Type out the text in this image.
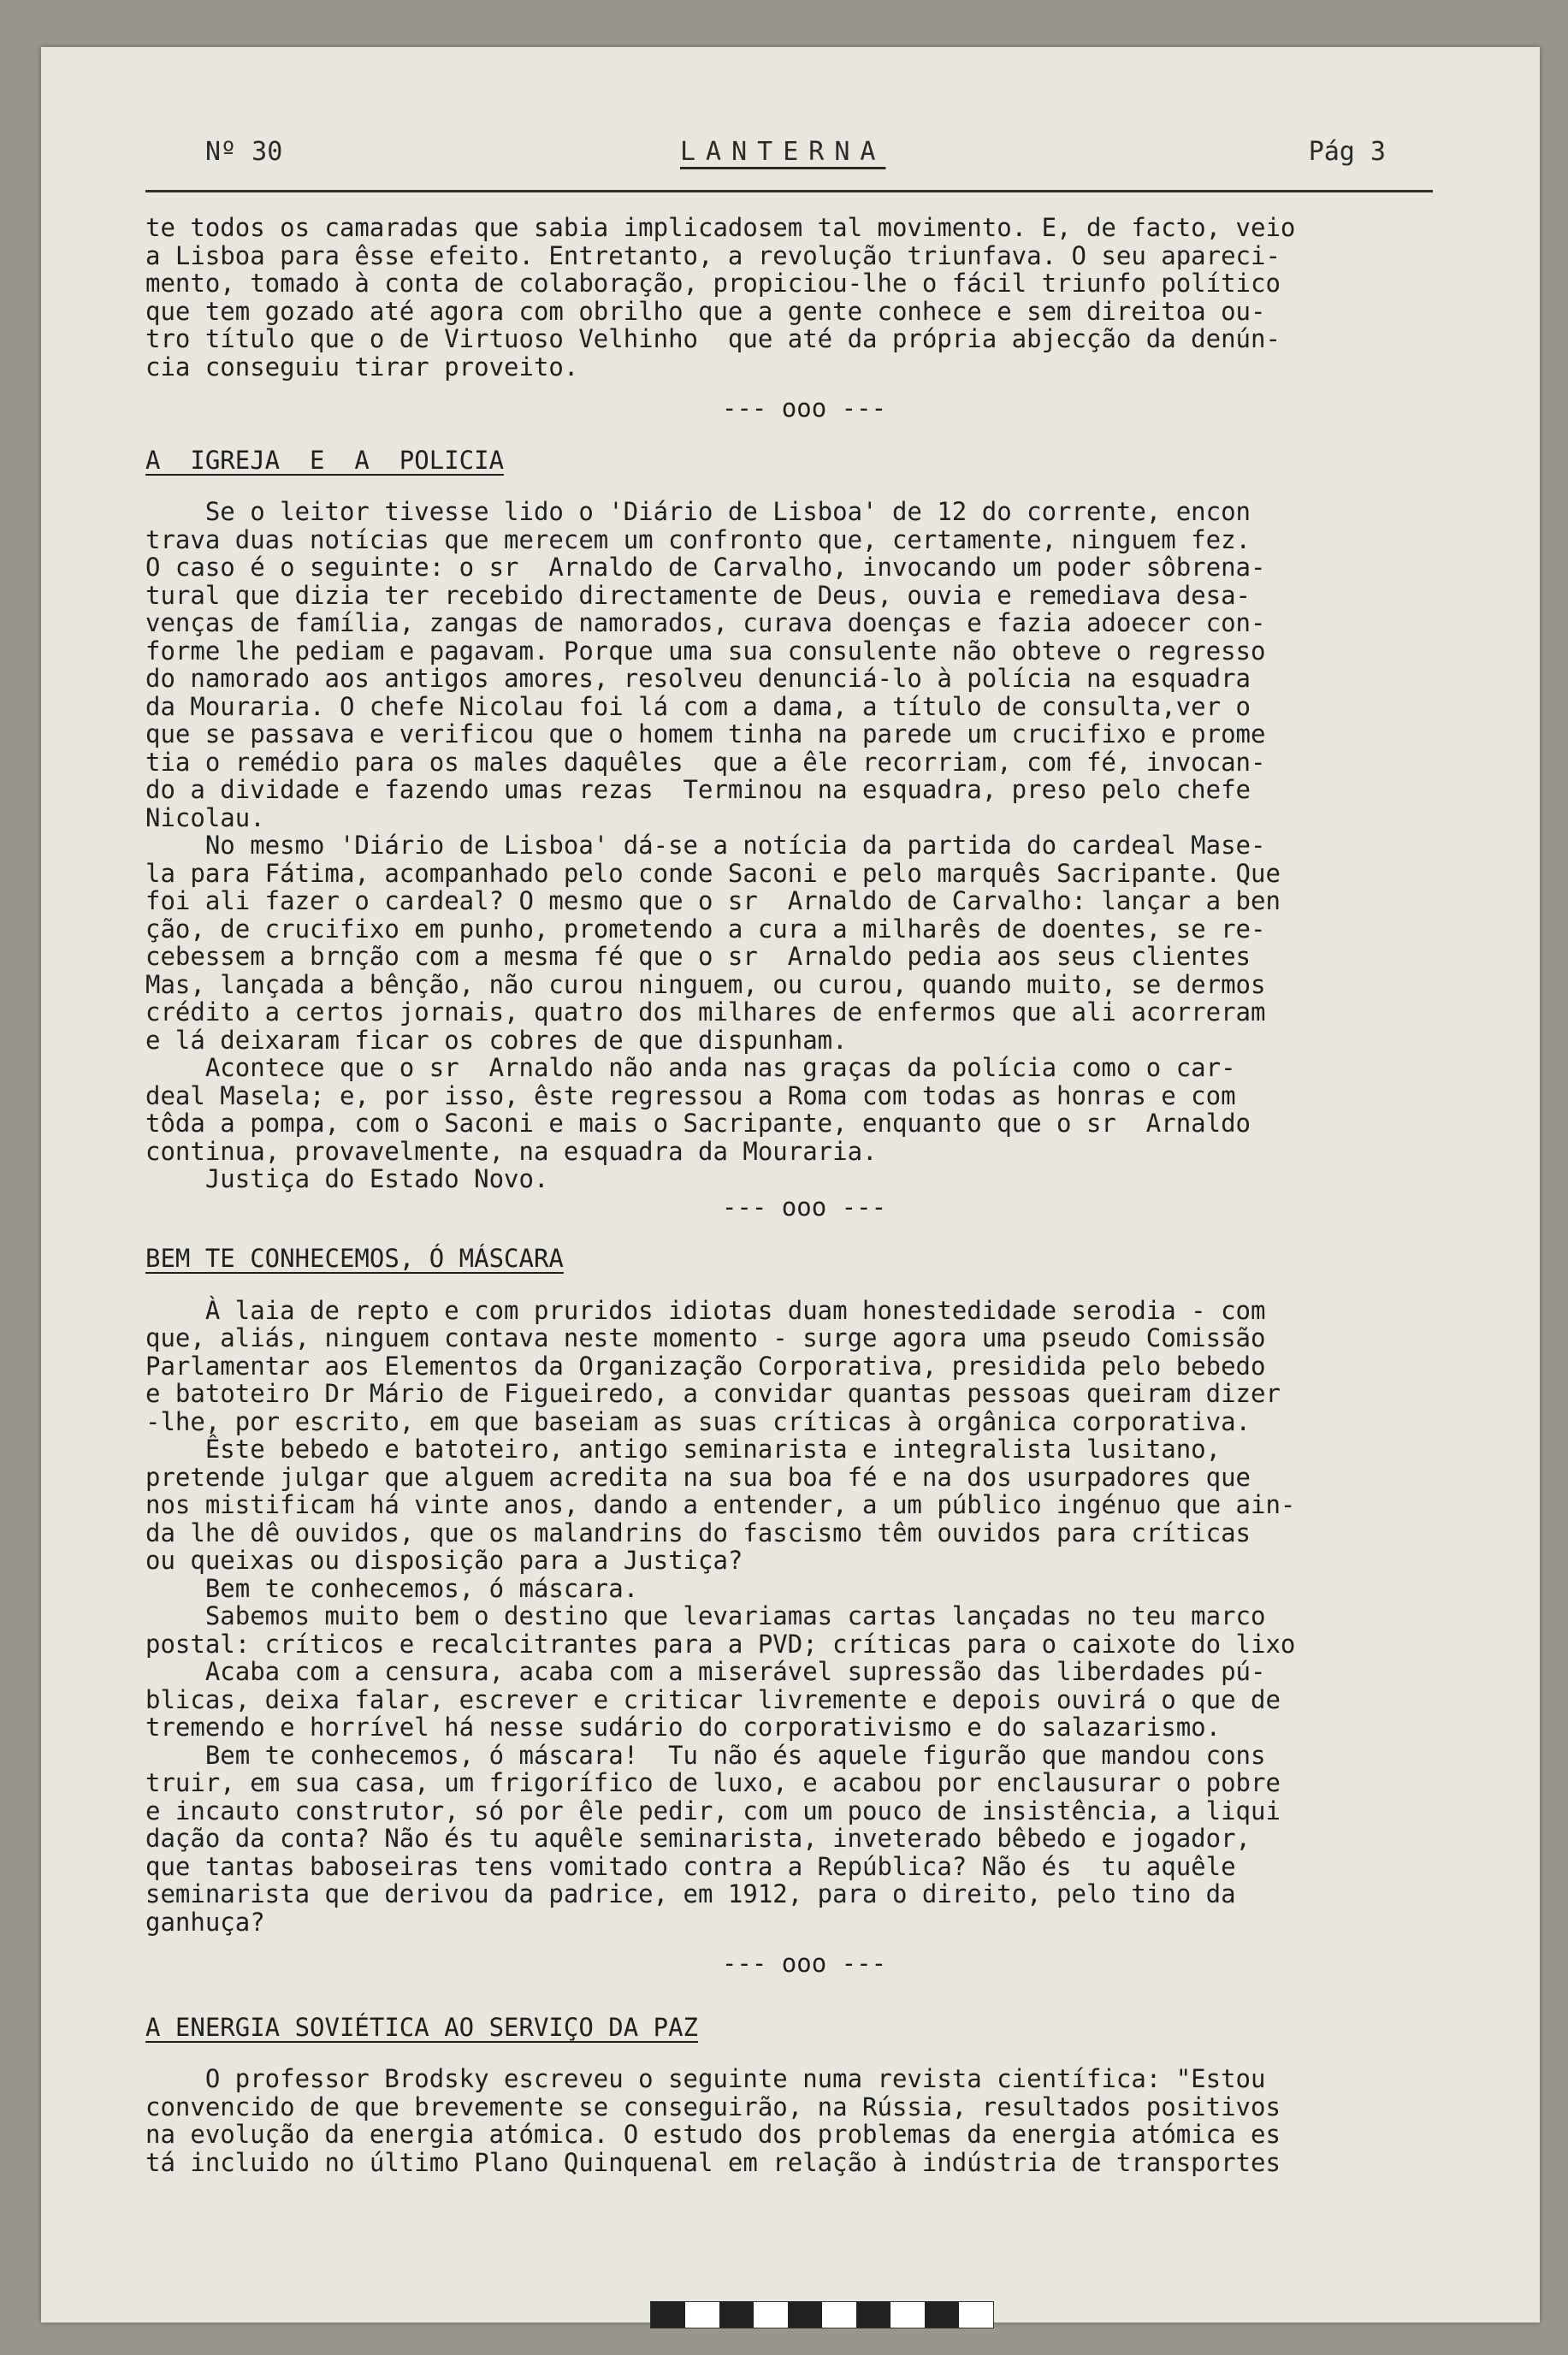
Nº 30	LANTERNA	Pág 3

te todos os camaradas que sabia implicadosem tal movimento. E, de facto, veio

a Lisboa para êsse efeito. Entretanto, a revolução triunfava. O seu apareci-

mento, tomado à conta de colaboração, propiciou-lhe o fácil triunfo político

que tem gozado até agora com obrilho que a gente conhece e sem direitoa ou-

tro título que o de Virtuoso Velhinho  que até da própria abjecção da denún-

cia conseguiu tirar proveito.

--- ooo ---

A  IGREJA  E  A  POLICIA

Se o leitor tivesse lido o 'Diário de Lisboa' de 12 do corrente, encon

trava duas notícias que merecem um confronto que, certamente, ninguem fez.

O caso é o seguinte: o sr  Arnaldo de Carvalho, invocando um poder sôbrena-

tural que dizia ter recebido directamente de Deus, ouvia e remediava desa-

venças de família, zangas de namorados, curava doenças e fazia adoecer con-

forme lhe pediam e pagavam. Porque uma sua consulente não obteve o regresso

do namorado aos antigos amores, resolveu denunciá-lo à polícia na esquadra

da Mouraria. O chefe Nicolau foi lá com a dama, a título de consulta,ver o

que se passava e verificou que o homem tinha na parede um crucifixo e prome

tia o remédio para os males daquêles  que a êle recorriam, com fé, invocan-

do a dividade e fazendo umas rezas  Terminou na esquadra, preso pelo chefe

Nicolau.

No mesmo 'Diário de Lisboa' dá-se a notícia da partida do cardeal Mase-

la para Fátima, acompanhado pelo conde Saconi e pelo marquês Sacripante. Que

foi ali fazer o cardeal? O mesmo que o sr  Arnaldo de Carvalho: lançar a ben

ção, de crucifixo em punho, prometendo a cura a milharês de doentes, se re-

cebessem a brnção com a mesma fé que o sr  Arnaldo pedia aos seus clientes

Mas, lançada a bênção, não curou ninguem, ou curou, quando muito, se dermos

crédito a certos jornais, quatro dos milhares de enfermos que ali acorreram

e lá deixaram ficar os cobres de que dispunham.

Acontece que o sr  Arnaldo não anda nas graças da polícia como o car-

deal Masela; e, por isso, êste regressou a Roma com todas as honras e com

tôda a pompa, com o Saconi e mais o Sacripante, enquanto que o sr  Arnaldo

continua, provavelmente, na esquadra da Mouraria.

Justiça do Estado Novo.

--- ooo ---

BEM TE CONHECEMOS, Ó MÁSCARA

À laia de repto e com pruridos idiotas duam honestedidade serodia - com

que, aliás, ninguem contava neste momento - surge agora uma pseudo Comissão

Parlamentar aos Elementos da Organização Corporativa, presidida pelo bebedo

e batoteiro Dr Mário de Figueiredo, a convidar quantas pessoas queiram dizer

-lhe, por escrito, em que baseiam as suas críticas à orgânica corporativa.

Êste bebedo e batoteiro, antigo seminarista e integralista lusitano,

pretende julgar que alguem acredita na sua boa fé e na dos usurpadores que

nos mistificam há vinte anos, dando a entender, a um público ingénuo que ain-

da lhe dê ouvidos, que os malandrins do fascismo têm ouvidos para críticas

ou queixas ou disposição para a Justiça?

Bem te conhecemos, ó máscara.

Sabemos muito bem o destino que levariamas cartas lançadas no teu marco

postal: críticos e recalcitrantes para a PVD; críticas para o caixote do lixo

Acaba com a censura, acaba com a miserável supressão das liberdades pú-

blicas, deixa falar, escrever e criticar livremente e depois ouvirá o que de

tremendo e horrível há nesse sudário do corporativismo e do salazarismo.

Bem te conhecemos, ó máscara!  Tu não és aquele figurão que mandou cons

truir, em sua casa, um frigorífico de luxo, e acabou por enclausurar o pobre

e incauto construtor, só por êle pedir, com um pouco de insistência, a liqui

dação da conta? Não és tu aquêle seminarista, inveterado bêbedo e jogador,

que tantas baboseiras tens vomitado contra a República? Não és  tu aquêle

seminarista que derivou da padrice, em 1912, para o direito, pelo tino da

ganhuça?

--- ooo ---

A ENERGIA SOVIÉTICA AO SERVIÇO DA PAZ

O professor Brodsky escreveu o seguinte numa revista científica: "Estou

convencido de que brevemente se conseguirão, na Rússia, resultados positivos

na evolução da energia atómica. O estudo dos problemas da energia atómica es

tá incluido no último Plano Quinquenal em relação à indústria de transportes
